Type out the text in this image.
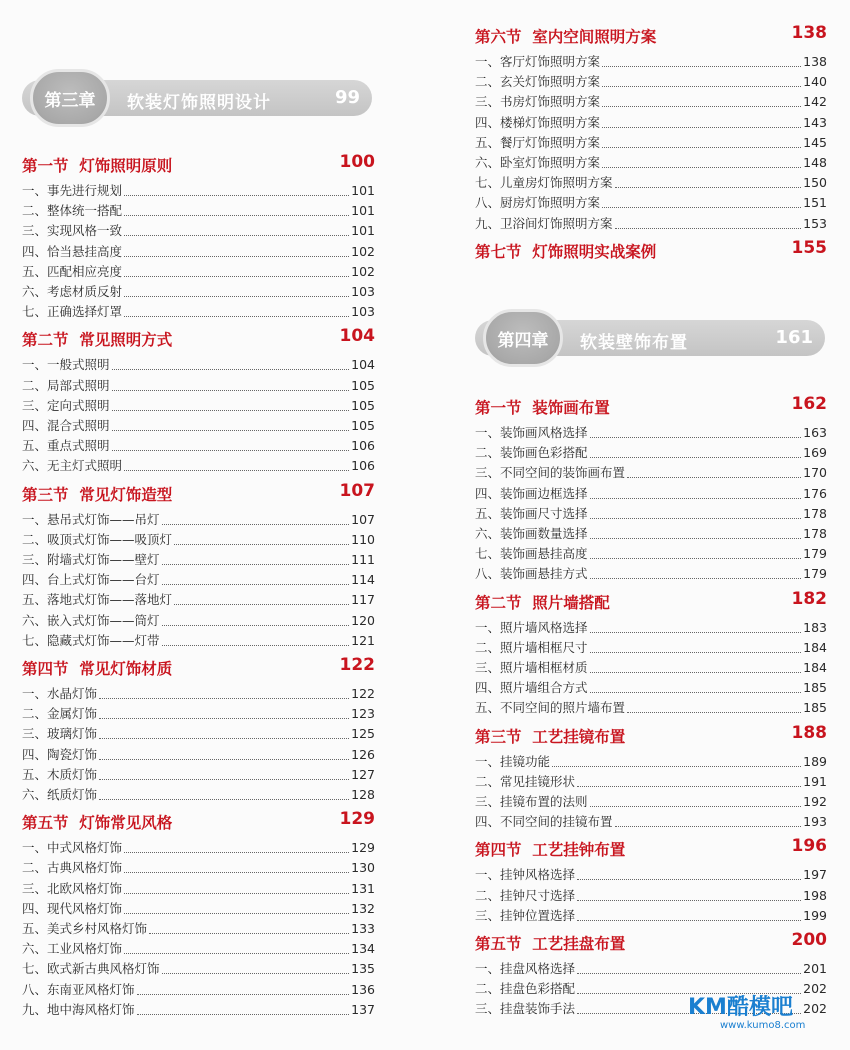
第三章	软装灯饰照明设计	99
第一节  灯饰照明原则	100
一、事先进行规划	101
二、整体统一搭配	101
三、实现风格一致	101
四、恰当悬挂高度	102
五、匹配相应亮度	102
六、考虑材质反射	103
七、正确选择灯罩	103
第二节  常见照明方式	104
一、一般式照明	104
二、局部式照明	105
三、定向式照明	105
四、混合式照明	105
五、重点式照明	106
六、无主灯式照明	106
第三节  常见灯饰造型	107
一、悬吊式灯饰——吊灯	107
二、吸顶式灯饰——吸顶灯	110
三、附墙式灯饰——壁灯	111
四、台上式灯饰——台灯	114
五、落地式灯饰——落地灯	117
六、嵌入式灯饰——筒灯	120
七、隐藏式灯饰——灯带	121
第四节  常见灯饰材质	122
一、水晶灯饰	122
二、金属灯饰	123
三、玻璃灯饰	125
四、陶瓷灯饰	126
五、木质灯饰	127
六、纸质灯饰	128
第五节  灯饰常见风格	129
一、中式风格灯饰	129
二、古典风格灯饰	130
三、北欧风格灯饰	131
四、现代风格灯饰	132
五、美式乡村风格灯饰	133
六、工业风格灯饰	134
七、欧式新古典风格灯饰	135
八、东南亚风格灯饰	136
九、地中海风格灯饰	137
第六节  室内空间照明方案	138
一、客厅灯饰照明方案	138
二、玄关灯饰照明方案	140
三、书房灯饰照明方案	142
四、楼梯灯饰照明方案	143
五、餐厅灯饰照明方案	145
六、卧室灯饰照明方案	148
七、儿童房灯饰照明方案	150
八、厨房灯饰照明方案	151
九、卫浴间灯饰照明方案	153
第七节  灯饰照明实战案例	155
第四章	软装壁饰布置	161
第一节  装饰画布置	162
一、装饰画风格选择	163
二、装饰画色彩搭配	169
三、不同空间的装饰画布置	170
四、装饰画边框选择	176
五、装饰画尺寸选择	178
六、装饰画数量选择	178
七、装饰画悬挂高度	179
八、装饰画悬挂方式	179
第二节  照片墙搭配	182
一、照片墙风格选择	183
二、照片墙相框尺寸	184
三、照片墙相框材质	184
四、照片墙组合方式	185
五、不同空间的照片墙布置	185
第三节  工艺挂镜布置	188
一、挂镜功能	189
二、常见挂镜形状	191
三、挂镜布置的法则	192
四、不同空间的挂镜布置	193
第四节  工艺挂钟布置	196
一、挂钟风格选择	197
二、挂钟尺寸选择	198
三、挂钟位置选择	199
第五节  工艺挂盘布置	200
一、挂盘风格选择	201
二、挂盘色彩搭配	202
三、挂盘装饰手法	202
KM酷模吧
www.kumo8.com
